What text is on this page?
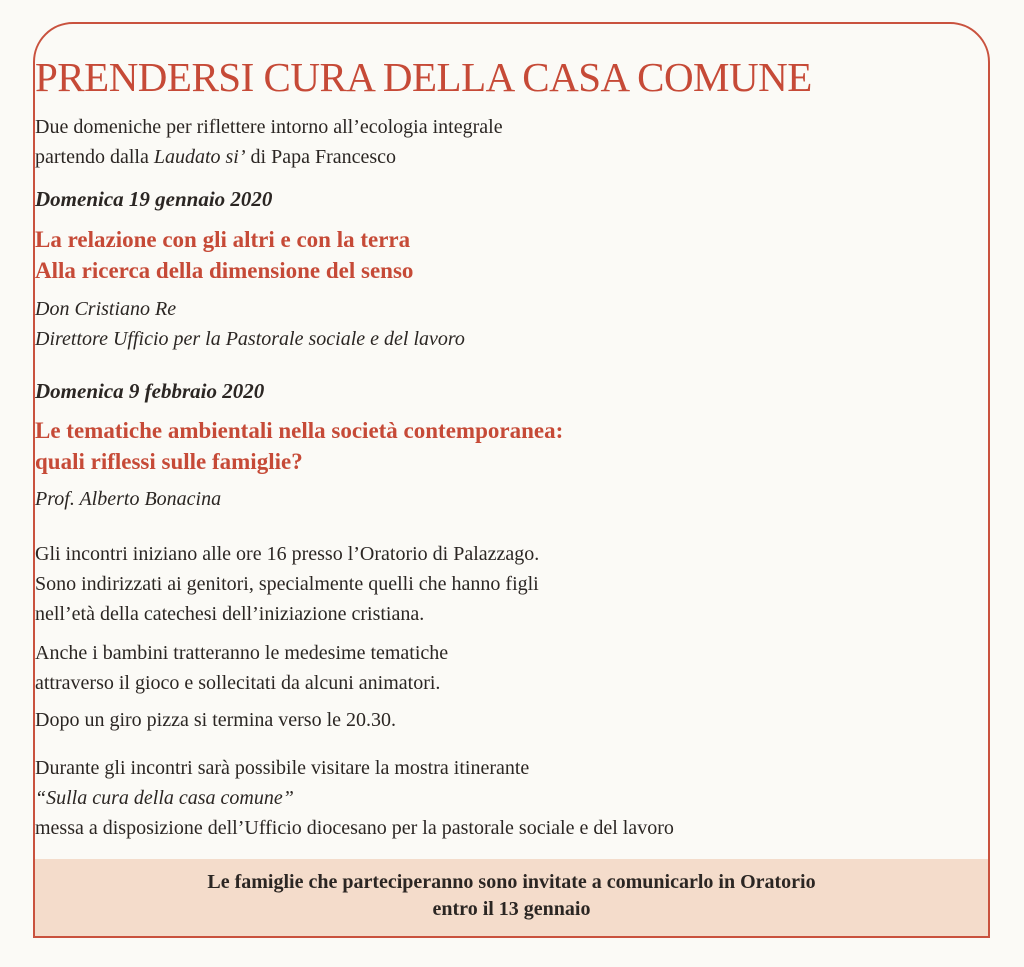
PRENDERSI CURA DELLA CASA COMUNE
Due domeniche per riflettere intorno all’ecologia integrale
partendo dalla Laudato si’ di Papa Francesco
Domenica 19 gennaio 2020
La relazione con gli altri e con la terra
Alla ricerca della dimensione del senso
Don Cristiano Re
Direttore Ufficio per la Pastorale sociale e del lavoro
Domenica 9 febbraio 2020
Le tematiche ambientali nella società contemporanea:
quali riflessi sulle famiglie?
Prof. Alberto Bonacina
Gli incontri iniziano alle ore 16 presso l’Oratorio di Palazzago.
Sono indirizzati ai genitori, specialmente quelli che hanno figli
nell’età della catechesi dell’iniziazione cristiana.
Anche i bambini tratteranno le medesime tematiche
attraverso il gioco e sollecitati da alcuni animatori.
Dopo un giro pizza si termina verso le 20.30.
Durante gli incontri sarà possibile visitare la mostra itinerante
“Sulla cura della casa comune”
messa a disposizione dell’Ufficio diocesano per la pastorale sociale e del lavoro
Le famiglie che parteciperanno sono invitate a comunicarlo in Oratorio
entro il 13 gennaio
